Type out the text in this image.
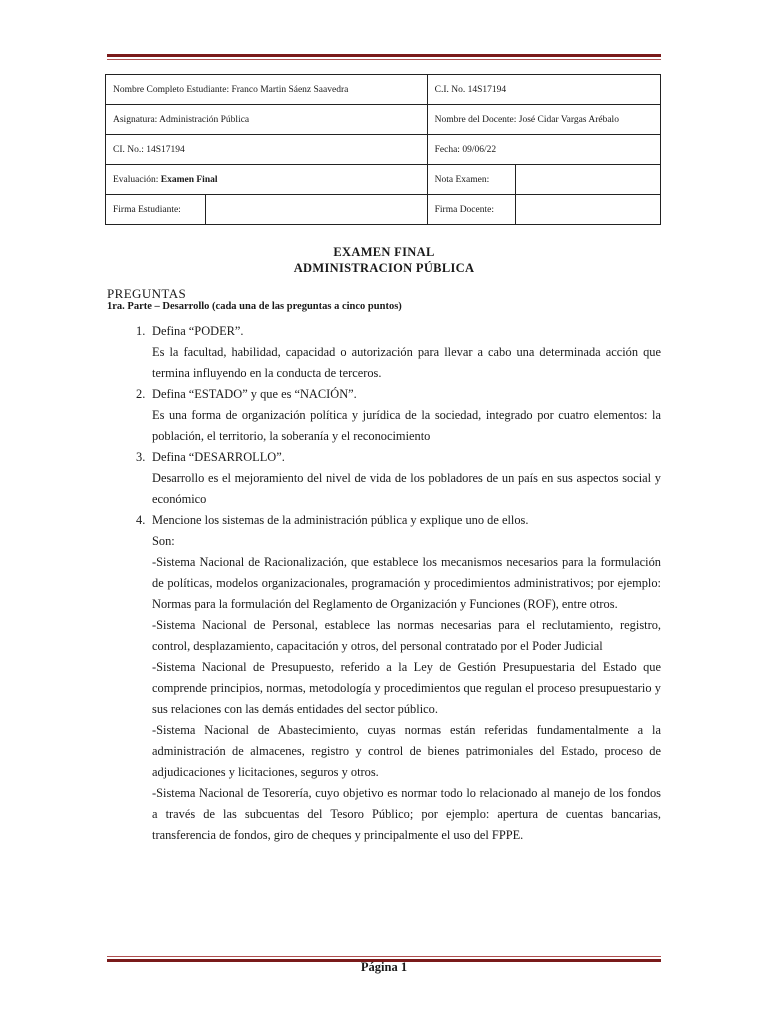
Nombre Completo Estudiante: Franco Martin Sáenz Saavedra		C.I. No. 14S17194	
Asignatura: Administración Pública		Nombre del Docente: José Cidar Vargas Arébalo	
CI. No.: 14S17194		Fecha: 09/06/22	
Evaluación: Examen Final		Nota Examen:	
Firma Estudiante:		Firma Docente:	
EXAMEN FINAL
ADMINISTRACION PÚBLICA
PREGUNTAS
1ra. Parte – Desarrollo (cada una de las preguntas a cinco puntos)
1. Defina “PODER”.

Es la facultad, habilidad, capacidad o autorización para llevar a cabo una determinada acción que termina influyendo en la conducta de terceros.

2. Defina “ESTADO” y que es “NACIÓN”.

Es una forma de organización política y jurídica de la sociedad, integrado por cuatro elementos: la población, el territorio, la soberanía y el reconocimiento

3. Defina “DESARROLLO”.

Desarrollo es el mejoramiento del nivel de vida de los pobladores de un país en sus aspectos social y económico

4. Mencione los sistemas de la administración pública y explique uno de ellos.

Son:

-Sistema Nacional de Racionalización, que establece los mecanismos necesarios para la formulación de políticas, modelos organizacionales, programación y procedimientos administrativos; por ejemplo: Normas para la formulación del Reglamento de Organización y Funciones (ROF), entre otros.

-Sistema Nacional de Personal, establece las normas necesarias para el reclutamiento, registro, control, desplazamiento, capacitación y otros, del personal contratado por el Poder Judicial

-Sistema Nacional de Presupuesto, referido a la Ley de Gestión Presupuestaria del Estado que comprende principios, normas, metodología y procedimientos que regulan el proceso presupuestario y sus relaciones con las demás entidades del sector público.

-Sistema Nacional de Abastecimiento, cuyas normas están referidas fundamentalmente a la administración de almacenes, registro y control de bienes patrimoniales del Estado, proceso de adjudicaciones y licitaciones, seguros y otros.

-Sistema Nacional de Tesorería, cuyo objetivo es normar todo lo relacionado al manejo de los fondos a través de las subcuentas del Tesoro Público; por ejemplo: apertura de cuentas bancarias, transferencia de fondos, giro de cheques y principalmente el uso del FPPE.

Página 1
